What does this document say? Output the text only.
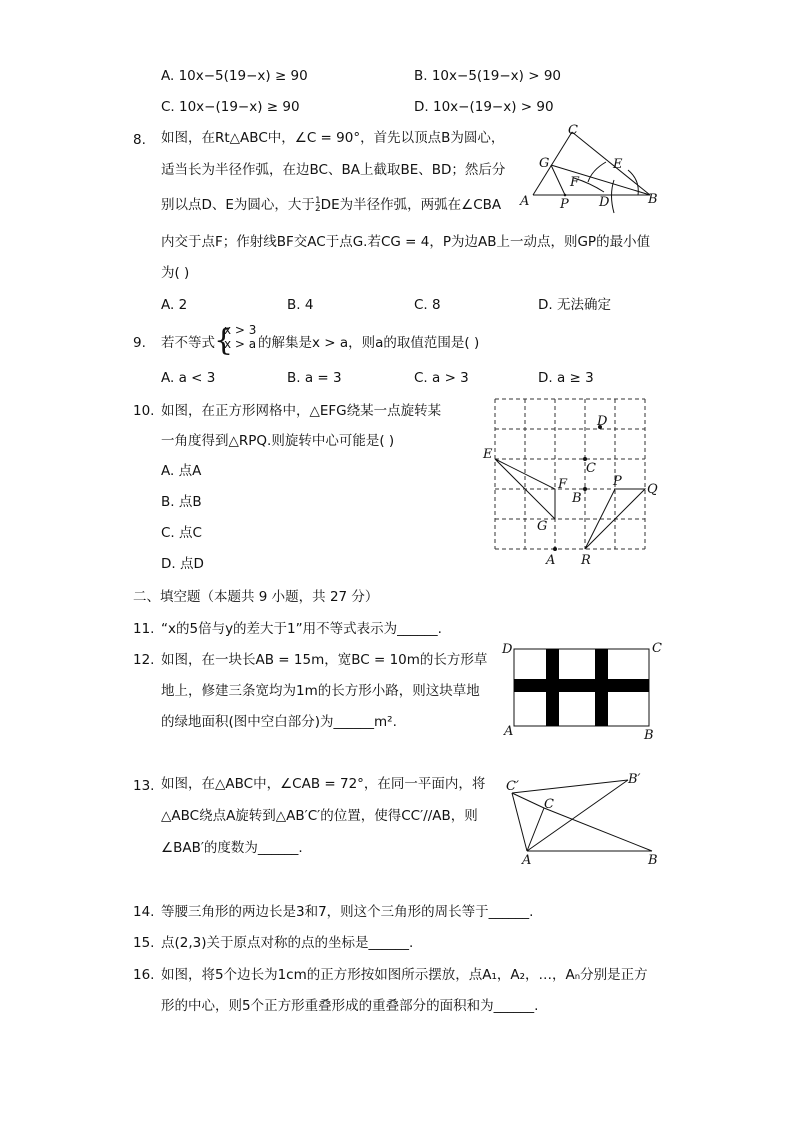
A. 10x−5(19−x) ≥ 90	B. 10x−5(19−x) > 90
C. 10x−(19−x) ≥ 90	D. 10x−(19−x) > 90
8. 如图，在Rt△ABC中，∠C = 90°，首先以顶点B为圆心，
适当长为半径作弧，在边BC、BA上截取BE、BD；然后分
别以点D、E为圆心，大于1
2DE为半径作弧，两弧在∠CBA
内交于点F；作射线BF交AC于点G.若CG = 4，P为边AB上一动点，则GP的最小值
为( )
A. 2	B. 4	C. 8	D. 无法确定
C
G	E
F
A P D	B
9. 若不等式 {
x > 3
x > a 的解集是x > a，则a的取值范围是( )
A. a < 3	B. a = 3	C. a > 3	D. a ≥ 3
10. 如图，在正方形网格中，△EFG绕某一点旋转某
一角度得到△RPQ.则旋转中心可能是( )
A. 点A
B. 点B
C. 点C
D. 点D
E
F
G
D
C
B
P
Q
A R
二、填空题（本题共 9 小题，共 27 分）
11. “x的5倍与y的差大于1”用不等式表示为______.
12. 如图，在一块长AB = 15m，宽BC = 10m的长方形草
地上，修建三条宽均为1m的长方形小路，则这块草地
的绿地面积(图中空白部分)为______m².
D	C
A	B
13. 如图，在△ABC中，∠CAB = 72°，在同一平面内，将
△ABC绕点A旋转到△AB′C′的位置，使得CC′//AB，则
∠BAB′的度数为______.
C′	B′
C
A	B
14. 等腰三角形的两边长是3和7，则这个三角形的周长等于______.
15. 点(2,3)关于原点对称的点的坐标是______.
16. 如图，将5个边长为1cm的正方形按如图所示摆放，点A₁，A₂，…，Aₙ分别是正方
形的中心，则5个正方形重叠形成的重叠部分的面积和为______.
